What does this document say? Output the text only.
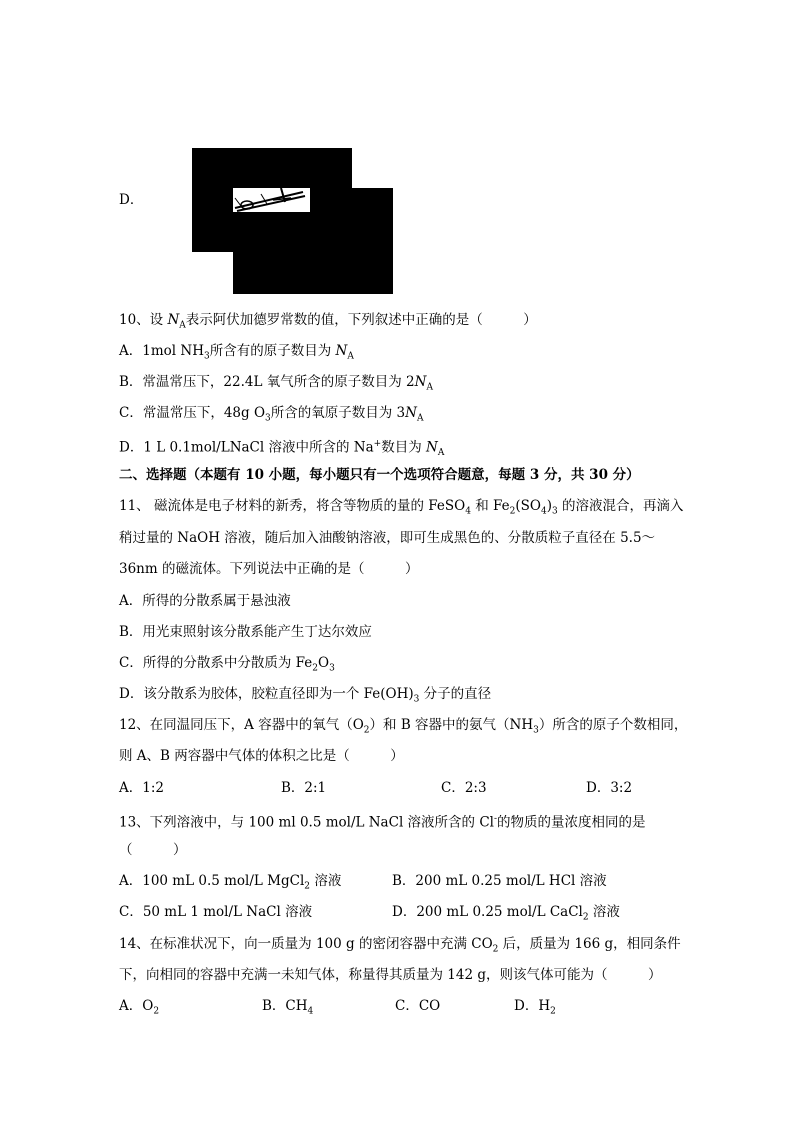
D．
10、设 $N_A$表示阿伏加德罗常数的值，下列叙述中正确的是（　　　）
A．1mol $NH_3$所含有的原子数目为 $N_A$
B．常温常压下，22.4L 氧气所含的原子数目为 $2N_A$
C．常温常压下，48g $O_3$所含的氧原子数目为 $3N_A$
D．1 L 0.1mol/LNaCl 溶液中所含的 Na+数目为 $N_A$
二、选择题（本题有 10 小题，每小题只有一个选项符合题意，每题 3 分，共 30 分）
11、 磁流体是电子材料的新秀，将含等物质的量的 FeSO$_4$ 和 $Fe_2(SO_4)_3$ 的溶液混合，再滴入
稍过量的 NaOH 溶液，随后加入油酸钠溶液，即可生成黑色的、分散质粒子直径在 5.5～
36nm 的磁流体。下列说法中正确的是（　　　）
A．所得的分散系属于悬浊液
B．用光束照射该分散系能产生丁达尔效应
C．所得的分散系中分散质为 $Fe_2O_3$
D．该分散系为胶体，胶粒直径即为一个 $Fe(OH)_3$ 分子的直径
12、在同温同压下，A 容器中的氧气$(O_2)$和 B 容器中的氨气$(NH_3)$所含的原子个数相同，
则 A、B 两容器中气体的体积之比是（　　　）
A．1:2	B．2:1	C．2:3	D．3:2
13、下列溶液中，与 100 ml 0.5 mol/L NaCl 溶液所含的 Cl-的物质的量浓度相同的是
（　　　）
A．100 mL 0.5 mol/L MgCl$_2$ 溶液	B．200 mL 0.25 mol/L HCl 溶液
C．50 mL 1 mol/L NaCl 溶液	D．200 mL 0.25 mol/L CaCl$_2$ 溶液
14、在标准状况下，向一质量为 100 g 的密闭容器中充满 $CO_2$ 后，质量为 166 g，相同条件
下，向相同的容器中充满一未知气体，称量得其质量为 142 g，则该气体可能为（　　　）
A．$O_2$	B．$CH_4$	C．CO	D．$H_2$
